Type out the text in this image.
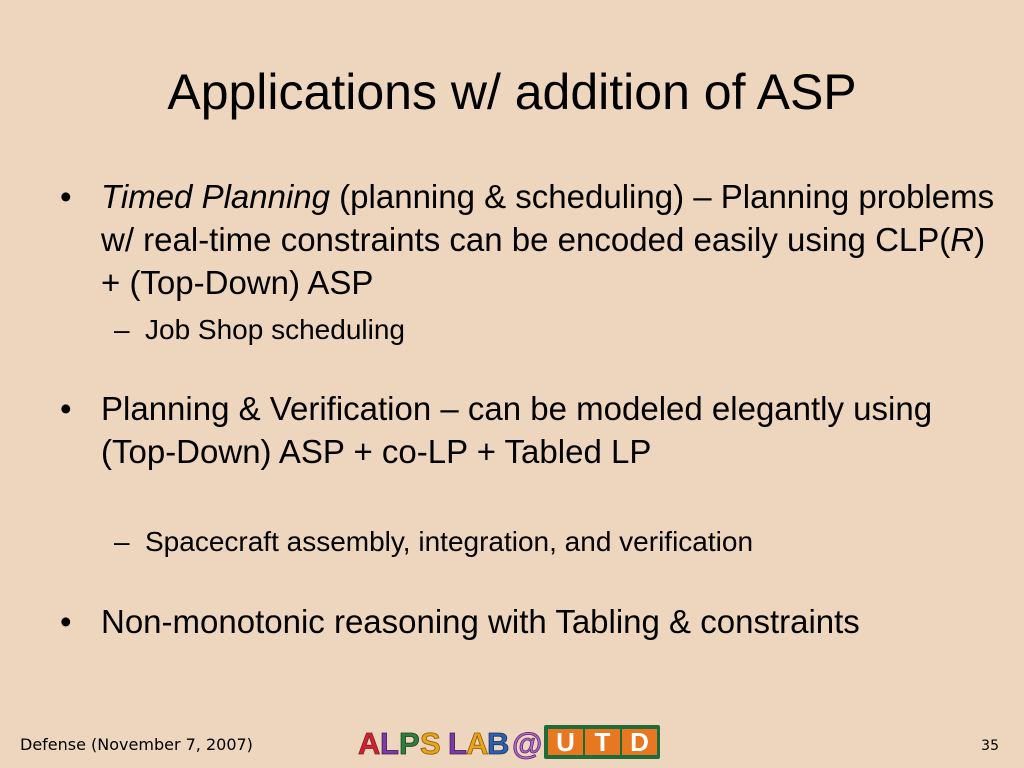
Applications w/ addition of ASP
• Timed Planning (planning & scheduling) – Planning problems w/ real-time constraints can be encoded easily using CLP(R) + (Top-Down) ASP
– Job Shop scheduling
• Planning & Verification – can be modeled elegantly using (Top-Down) ASP + co-LP + Tabled LP
– Spacecraft assembly, integration, and verification
• Non-monotonic reasoning with Tabling & constraints
Defense (November 7, 2007)	35
A L P S L A
B @ U T D
